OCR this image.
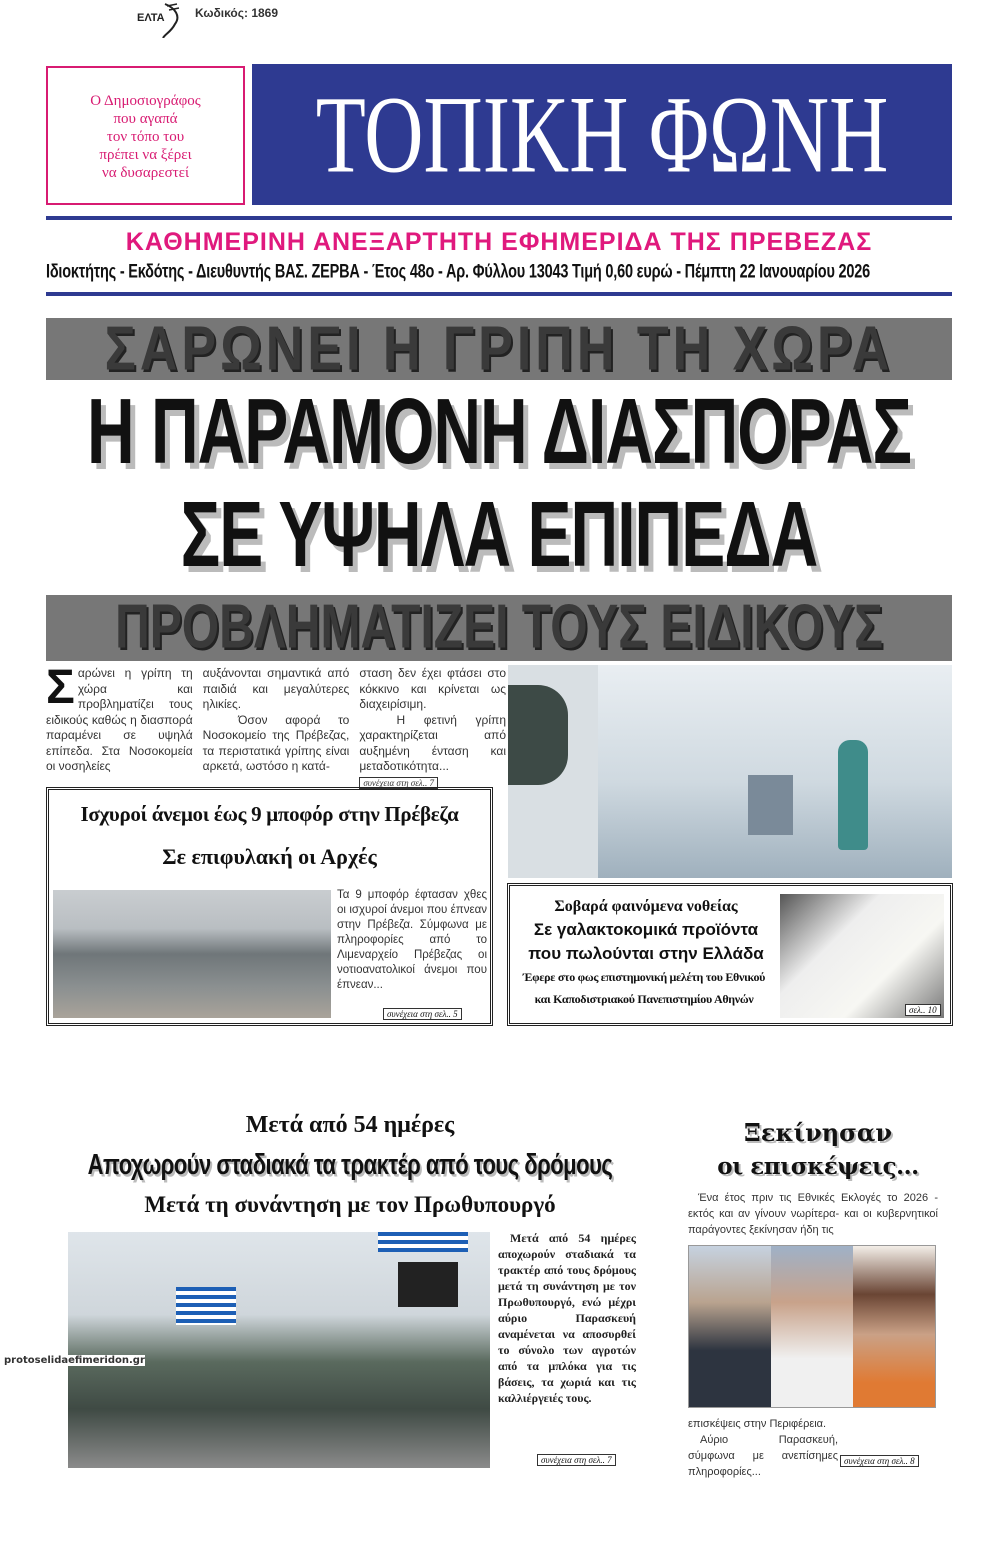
ΕΛΤΑ	Κωδικός: 1869
Ο Δημοσιογράφος
που αγαπά
τον τόπο του
πρέπει να ξέρει
να δυσαρεστεί	ΤΟΠΙΚΗ ΦΩΝΗ
ΚΑΘΗΜΕΡΙΝΗ ΑΝΕΞΑΡΤΗΤΗ ΕΦΗΜΕΡΙΔΑ ΤΗΣ ΠΡΕΒΕΖΑΣ
Ιδιοκτήτης - Εκδότης - Διευθυντής ΒΑΣ. ΖΕΡΒΑ - Έτος 48ο - Αρ. Φύλλου 13043 Τιμή 0,60 ευρώ - Πέμπτη 22 Ιανουαρίου 2026
ΣΑΡΩΝΕΙ Η ΓΡΙΠΗ ΤΗ ΧΩΡΑ
Η ΠΑΡΑΜΟΝΗ ΔΙΑΣΠΟΡΑΣ
ΣΕ ΥΨΗΛΑ ΕΠΙΠΕΔΑ
ΠΡΟΒΛΗΜΑΤΙΖΕΙ ΤΟΥΣ ΕΙΔΙΚΟΥΣ

Σαρώνει η γρίπη τη χώρα και προβληματίζει τους ειδικούς καθώς η διασπορά παραμένει σε υψηλά επίπεδα. Στα Νοσοκομεία οι νοσηλείες

αυξάνονται σημαντικά από παιδιά και μεγαλύτερες ηλικίες.
Όσον αφορά το Νοσοκομείο της Πρέβεζας, τα περιστατικά γρίπης είναι αρκετά, ωστόσο η κατά-

σταση δεν έχει φτάσει στο κόκκινο και κρίνεται ως διαχειρίσιμη.
Η φετινή γρίπη χαρακτηρίζεται από αυξημένη ένταση και μεταδοτικότητα... συνέχεια στη σελ.. 7

Ισχυροί άνεμοι έως 9 μποφόρ στην Πρέβεζα
Σε επιφυλακή οι Αρχές
Τα 9 μποφόρ έφτασαν χθες οι ισχυροί άνεμοι που έπνεαν στην Πρέβεζα. Σύμφωνα με πληροφορίες από το Λιμεναρχείο Πρέβεζας οι νοτιοανατολικοί άνεμοι που έπνεαν...
συνέχεια στη σελ.. 5
Σοβαρά φαινόμενα νοθείας
Σε γαλακτοκομικά προϊόντα
που πωλούνται στην Ελλάδα
Έφερε στο φως επιστημονική μελέτη του Εθνικού
και Καποδιστριακού Πανεπιστημίου Αθηνών
σελ.. 10
Μετά από 54 ημέρες
Αποχωρούν σταδιακά τα τρακτέρ από τους δρόμους
Μετά τη συνάντηση με τον Πρωθυπουργό
Μετά από 54 ημέρες αποχωρούν σταδιακά τα τρακτέρ από τους δρόμους μετά τη συνάντηση με τον Πρωθυπουργό, ενώ μέχρι αύριο Παρασκευή αναμένεται να αποσυρθεί το σύνολο των αγροτών από τα μπλόκα για τις βάσεις, τα χωριά και τις καλλιέργειές τους.
συνέχεια στη σελ.. 7
Ξεκίνησαν
οι επισκέψεις...
Ένα έτος πριν τις Εθνικές Εκλογές το 2026 - εκτός και αν γίνουν νωρίτερα- και οι κυβερνητικοί παράγοντες ξεκίνησαν ήδη τις
επισκέψεις στην Περιφέρεια.
Αύριο Παρασκευή, σύμφωνα με ανεπίσημες πληροφορίες...
συνέχεια στη σελ.. 8
protoselidaefimeridon.gr
